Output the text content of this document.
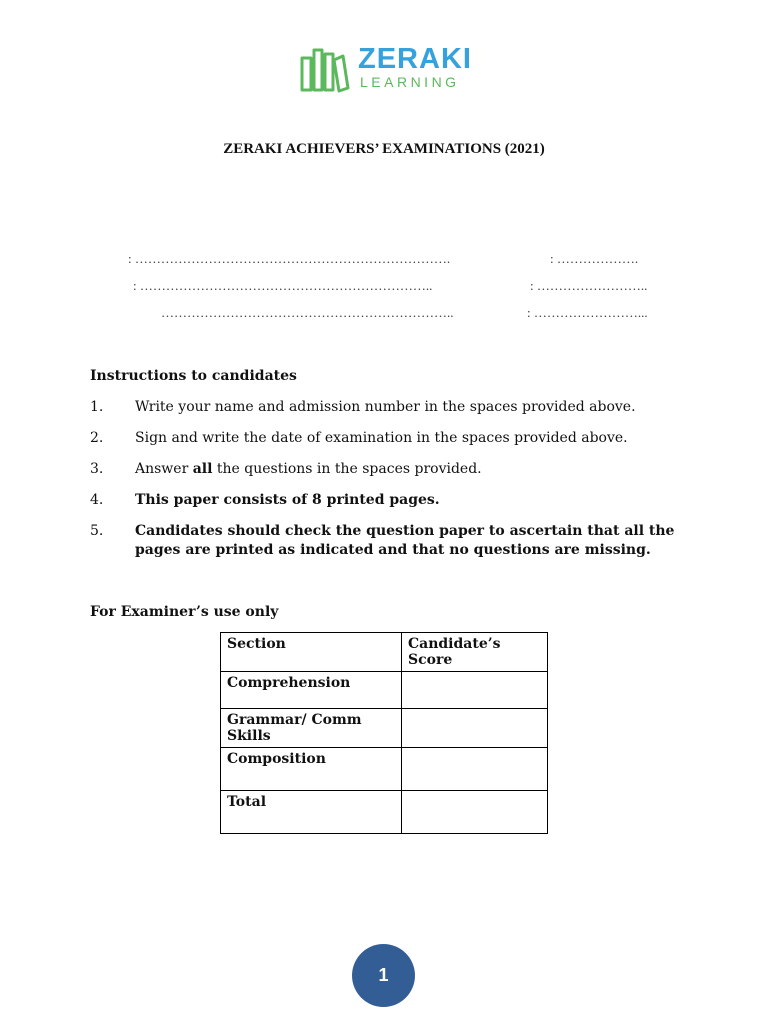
ZERAKI
LEARNING
ZERAKI ACHIEVERS’ EXAMINATIONS (2021)
: ……………………………………………………………….	: ……………….
: …………………………………………………………..	: ……………………..
…………………………………………………………..	: ……………………...
Instructions to candidates
1. Write your name and admission number in the spaces provided above.
2. Sign and write the date of examination in the spaces provided above.
3. Answer all the questions in the spaces provided.
4. This paper consists of 8 printed pages.
5. Candidates should check the question paper to ascertain that all the pages are printed as indicated and that no questions are missing.
For Examiner’s use only
Section	Candidate’s Score
Comprehension	
Grammar/ Comm Skills	
Composition	
Total	
1
